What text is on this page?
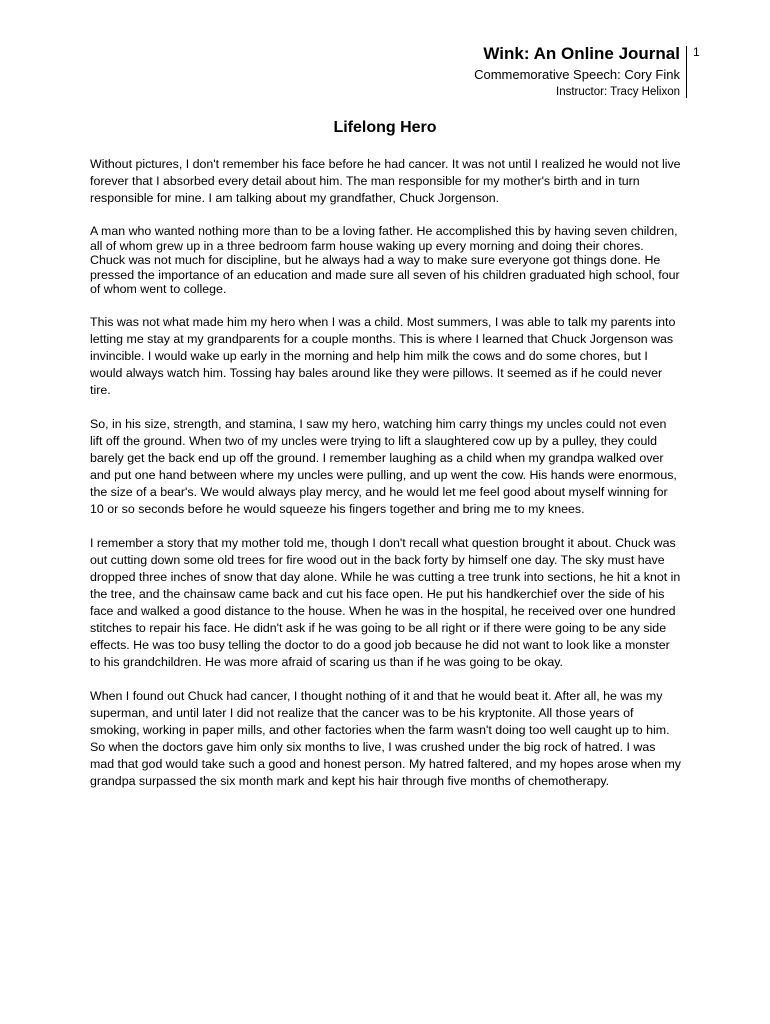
Wink: An Online Journal

Commemorative Speech: Cory Fink

Instructor: Tracy Helixon

1
Lifelong Hero

Without pictures, I don't remember his face before he had cancer. It was not until I realized he would not live forever that I absorbed every detail about him. The man responsible for my mother's birth and in turn responsible for mine. I am talking about my grandfather, Chuck Jorgenson.

A man who wanted nothing more than to be a loving father. He accomplished this by having seven children, all of whom grew up in a three bedroom farm house waking up every morning and doing their chores. Chuck was not much for discipline, but he always had a way to make sure everyone got things done. He pressed the importance of an education and made sure all seven of his children graduated high school, four of whom went to college.

This was not what made him my hero when I was a child. Most summers, I was able to talk my parents into letting me stay at my grandparents for a couple months. This is where I learned that Chuck Jorgenson was invincible. I would wake up early in the morning and help him milk the cows and do some chores, but I would always watch him. Tossing hay bales around like they were pillows. It seemed as if he could never tire.

So, in his size, strength, and stamina, I saw my hero, watching him carry things my uncles could not even lift off the ground. When two of my uncles were trying to lift a slaughtered cow up by a pulley, they could barely get the back end up off the ground. I remember laughing as a child when my grandpa walked over and put one hand between where my uncles were pulling, and up went the cow. His hands were enormous, the size of a bear's. We would always play mercy, and he would let me feel good about myself winning for 10 or so seconds before he would squeeze his fingers together and bring me to my knees.

I remember a story that my mother told me, though I don't recall what question brought it about. Chuck was out cutting down some old trees for fire wood out in the back forty by himself one day. The sky must have dropped three inches of snow that day alone. While he was cutting a tree trunk into sections, he hit a knot in the tree, and the chainsaw came back and cut his face open. He put his handkerchief over the side of his face and walked a good distance to the house. When he was in the hospital, he received over one hundred stitches to repair his face. He didn't ask if he was going to be all right or if there were going to be any side effects. He was too busy telling the doctor to do a good job because he did not want to look like a monster to his grandchildren. He was more afraid of scaring us than if he was going to be okay.

When I found out Chuck had cancer, I thought nothing of it and that he would beat it. After all, he was my superman, and until later I did not realize that the cancer was to be his kryptonite. All those years of smoking, working in paper mills, and other factories when the farm wasn't doing too well caught up to him. So when the doctors gave him only six months to live, I was crushed under the big rock of hatred. I was mad that god would take such a good and honest person. My hatred faltered, and my hopes arose when my grandpa surpassed the six month mark and kept his hair through five months of chemotherapy.
